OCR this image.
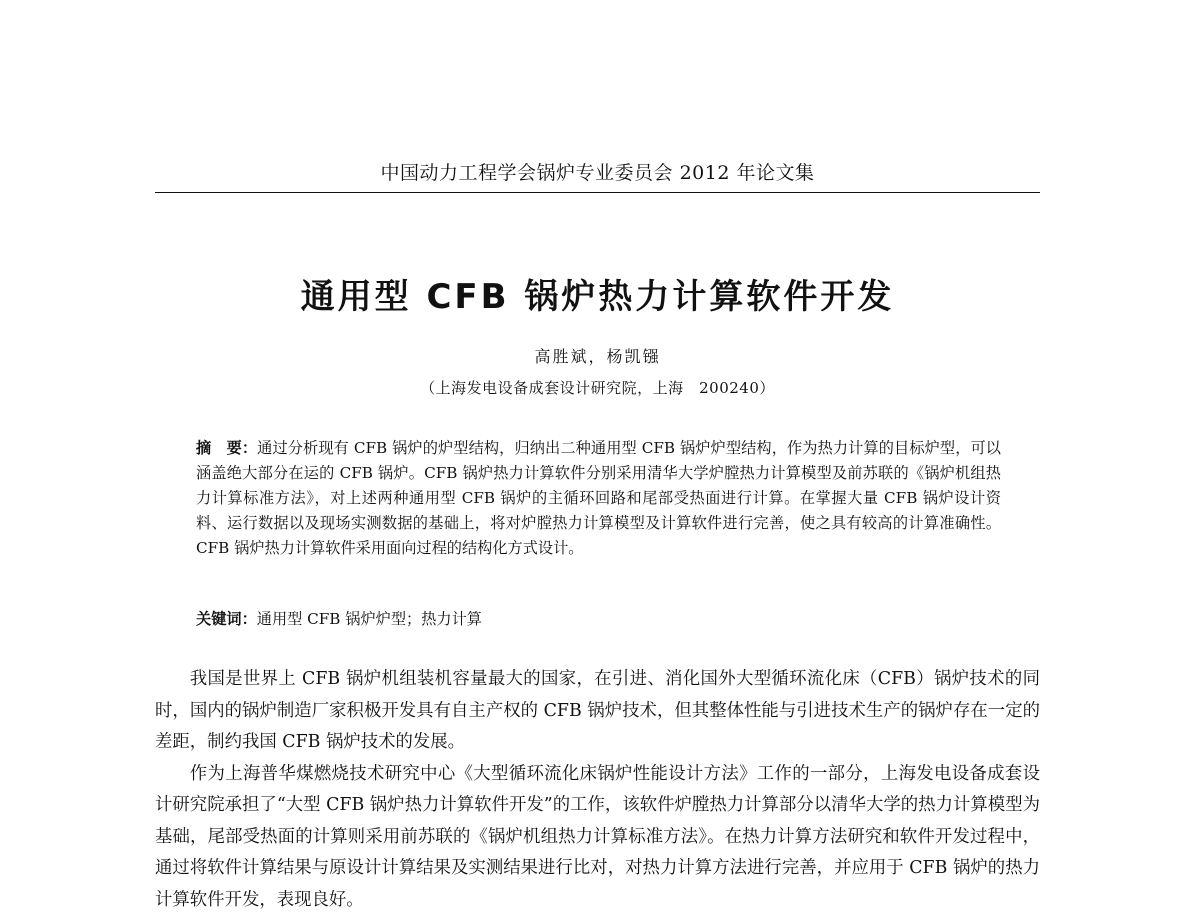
中国动力工程学会锅炉专业委员会 2012 年论文集
通用型 CFB 锅炉热力计算软件开发
高胜斌，杨凯镪
（上海发电设备成套设计研究院，上海　200240）
摘　要：通过分析现有 CFB 锅炉的炉型结构，归纳出二种通用型 CFB 锅炉炉型结构，作为热力计算的目标炉型，可以涵盖绝大部分在运的 CFB 锅炉。CFB 锅炉热力计算软件分别采用清华大学炉膛热力计算模型及前苏联的《锅炉机组热力计算标准方法》，对上述两种通用型 CFB 锅炉的主循环回路和尾部受热面进行计算。在掌握大量 CFB 锅炉设计资料、运行数据以及现场实测数据的基础上，将对炉膛热力计算模型及计算软件进行完善，使之具有较高的计算准确性。CFB 锅炉热力计算软件采用面向过程的结构化方式设计。
关键词：通用型 CFB 锅炉炉型；热力计算

我国是世界上 CFB 锅炉机组装机容量最大的国家，在引进、消化国外大型循环流化床（CFB）锅炉技术的同时，国内的锅炉制造厂家积极开发具有自主产权的 CFB 锅炉技术，但其整体性能与引进技术生产的锅炉存在一定的差距，制约我国 CFB 锅炉技术的发展。

作为上海普华煤燃烧技术研究中心《大型循环流化床锅炉性能设计方法》工作的一部分，上海发电设备成套设计研究院承担了“大型 CFB 锅炉热力计算软件开发”的工作，该软件炉膛热力计算部分以清华大学的热力计算模型为基础，尾部受热面的计算则采用前苏联的《锅炉机组热力计算标准方法》。在热力计算方法研究和软件开发过程中，通过将软件计算结果与原设计计算结果及实测结果进行比对，对热力计算方法进行完善，并应用于 CFB 锅炉的热力计算软件开发，表现良好。
